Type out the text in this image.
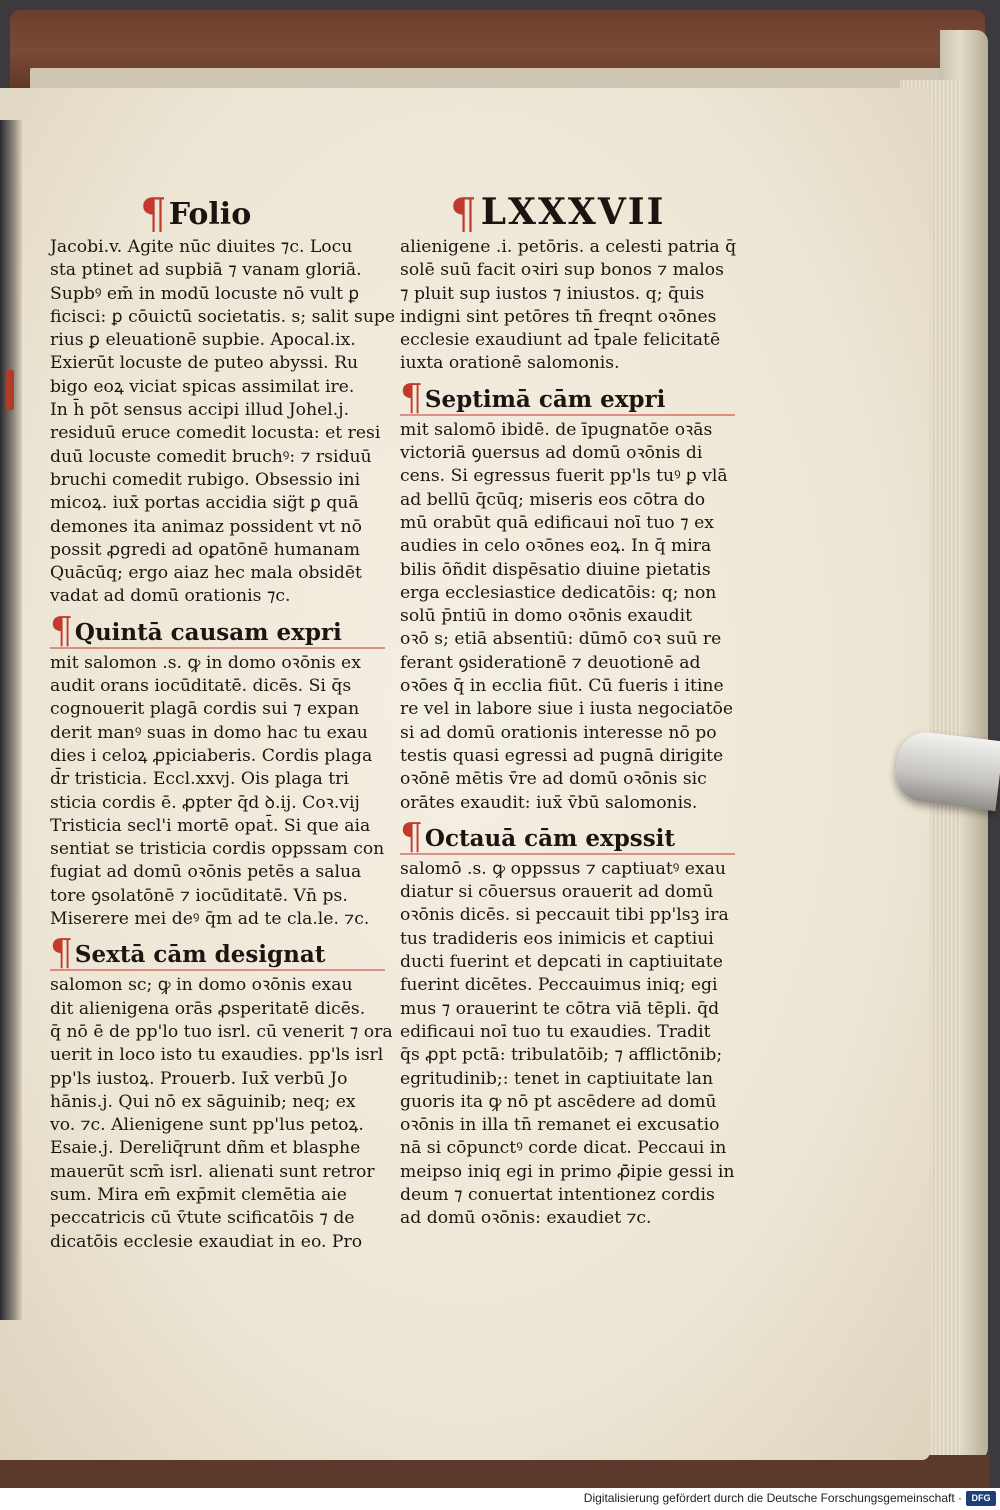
¶Folio	¶LXXXVII
Jacobi.v. Agite nūc diuites ⁊c. Locu
sta ptinet ad supbiā ⁊ vanam gloriā.
Supbꝰ em̄ in modū locuste nō vult ꝑ
ficisci: ꝑ cōuictū societatis. s; salit supe
rius ꝑ eleuationē supbie. Apocal.ix.
Exierūt locuste de puteo abyssi. Ru
bigo eoꝝ viciat spicas assimilat ire.
In h̄ pōt sensus accipi illud Johel.j.
residuū eruce comedit locusta: et resi
duū locuste comedit bruchꝰ: ⁊ rsiduū
bruchi comedit rubigo. Obsessio ini
micoꝝ. iux̄ portas accidia sig̈t ꝑ quā
demones ita animaz possident vt nō
possit ꝓgredi ad oꝑatōnē humanam
Quācūq; ergo aiaz hec mala obsidēt
vadat ad domū orationis ⁊c.
¶Quintā causam expri
mit salomon .s. ꝙ in domo oꝛōnis ex
audit orans iocūditatē. dicēs. Si q̄s
cognouerit plagā cordis sui ⁊ expan
derit manꝰ suas in domo hac tu exau
dies i celoꝝ ꝓpiciaberis. Cordis plaga
d̄r tristicia. Eccl.xxvj. Ois plaga tri
sticia cordis ē. ꝓpter q̄d ꝺ.ij. Coꝛ.vij
Tristicia secl'i mortē opat̄. Si que aia
sentiat se tristicia cordis oppssam con
fugiat ad domū oꝛōnis petēs a salua
tore ꝯsolatōnē ⁊ iocūditatē. Vn̄ ps.
Miserere mei deꝰ q̄m ad te cla.le. ⁊c.
¶Sextā cām designat
salomon sc; ꝙ in domo oꝛōnis exau
dit alienigena orās ꝓsperitatē dicēs.
q̄ nō ē de pp'lo tuo isrl. cū venerit ⁊ ora
uerit in loco isto tu exaudies. pp'ls isrl
pp'ls iustoꝝ. Prouerb. Iux̄ verbū Jo
hānis.j. Qui nō ex sāguinib; neq; ex
vo. ⁊c. Alienigene sunt pp'lus petoꝝ.
Esaie.j. Dereliq̄runt dñm et blasphe
mauerūt scm̄ isrl. alienati sunt retror
sum. Mira em̄ exp̄mit clemētia aie
peccatricis cū v̄tute scificatōis ⁊ de
dicatōis ecclesie exaudiat in eo. Pro
alienigene .i. petōris. a celesti patria q̄
solē suū facit oꝛiri sup bonos ⁊ malos
⁊ pluit sup iustos ⁊ iniustos. q; q̄uis
indigni sint petōres tn̄ freqnt oꝛōnes
ecclesie exaudiunt ad t̄pale felicitatē
iuxta orationē salomonis.
¶Septimā cām expri
mit salomō ibidē. de īpugnatōe oꝛās
victoriā ꝯuersus ad domū oꝛōnis di
cens. Si egressus fuerit pp'ls tuꝰ ꝑ vlā
ad bellū q̄cūq; miseris eos cōtra do
mū orabūt quā edificaui noī tuo ⁊ ex
audies in celo oꝛōnes eoꝝ. In q̄ mira
bilis ōñdit dispēsatio diuine pietatis
erga ecclesiastice dedicatōis: q; non
solū p̄ntiū in domo oꝛōnis exaudit
oꝛō s; etiā absentiū: dūmō coꝛ suū re
ferant ꝯsiderationē ⁊ deuotionē ad
oꝛōes q̄ in ecclia fiūt. Cū fueris i itine
re vel in labore siue i iusta negociatōe
si ad domū orationis interesse nō po
testis quasi egressi ad pugnā dirigite
oꝛōnē mētis v̄re ad domū oꝛōnis sic
orātes exaudit: iux̄ v̄bū salomonis.
¶Octauā cām expssit
salomō .s. ꝙ oppssus ⁊ captiuatꝰ exau
diatur si cōuersus orauerit ad domū
oꝛōnis dicēs. si peccauit tibi pp'lsꝫ ira
tus tradideris eos inimicis et captiui
ducti fuerint et depcati in captiuitate
fuerint dicētes. Peccauimus iniq; egi
mus ⁊ orauerint te cōtra viā tēpli. q̄d
edificaui noī tuo tu exaudies. Tradit
q̄s ꝓpt pctā: tribulatōib; ⁊ afflictōnib;
egritudinib;: tenet in captiuitate lan
guoris ita ꝙ nō pt ascēdere ad domū
oꝛōnis in illa tn̄ remanet ei excusatio
nā si cōpunctꝰ corde dicat. Peccaui in
meipso iniq egi in primo ꝓ̄ipie gessi in
deum ⁊ conuertat intentionez cordis
ad domū oꝛōnis: exaudiet ⁊c.
Digitalisierung gefördert durch die Deutsche Forschungsgemeinschaft ·	DFG
